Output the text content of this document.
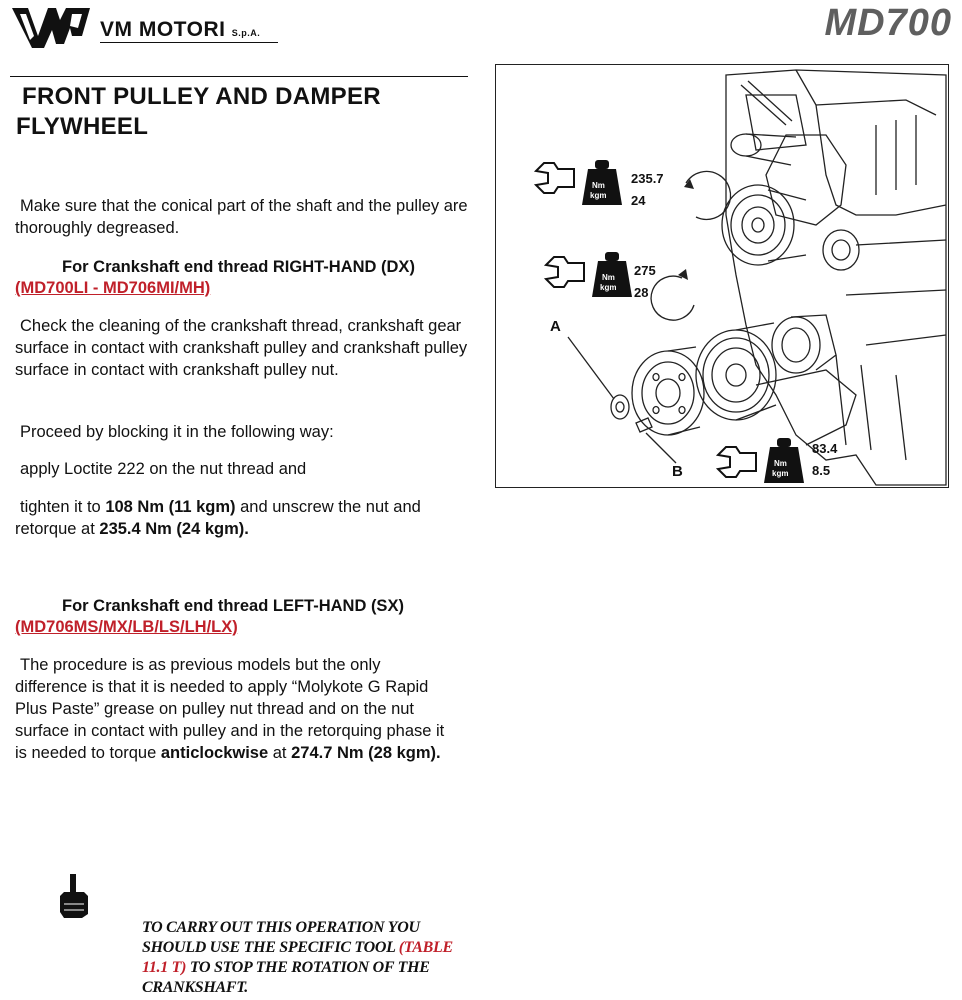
VM MOTORI S.p.A.	MD700
FRONT PULLEY AND DAMPER
FLYWHEEL
Make sure that the conical part of the shaft and the pulley are thoroughly degreased.
For Crankshaft end thread RIGHT-HAND (DX)
(MD700LI - MD706MI/MH)
Check the cleaning of the crankshaft thread, crankshaft gear surface in contact with crankshaft pulley and crankshaft pulley surface in contact with crankshaft pulley nut.
Proceed by blocking it in the following way:
apply Loctite 222 on the nut thread and
tighten it to 108 Nm (11 kgm) and unscrew the nut and retorque at 235.4 Nm (24 kgm).
For Crankshaft end thread LEFT-HAND (SX)
(MD706MS/MX/LB/LS/LH/LX)
The procedure is as previous models but the only difference is that it is needed to apply “Molykote G Rapid Plus Paste” grease on pulley nut thread and on the nut surface in contact with pulley and in the retorquing phase it is needed to torque anticlockwise at 274.7 Nm (28 kgm).
Nm
kgm
235.7
24
Nm
kgm
275
28
Nm
kgm
83.4
8.5
A
B
TO CARRY OUT THIS OPERATION YOU SHOULD USE THE SPECIFIC TOOL (TABLE 11.1 T) TO STOP THE ROTATION OF THE CRANKSHAFT.
